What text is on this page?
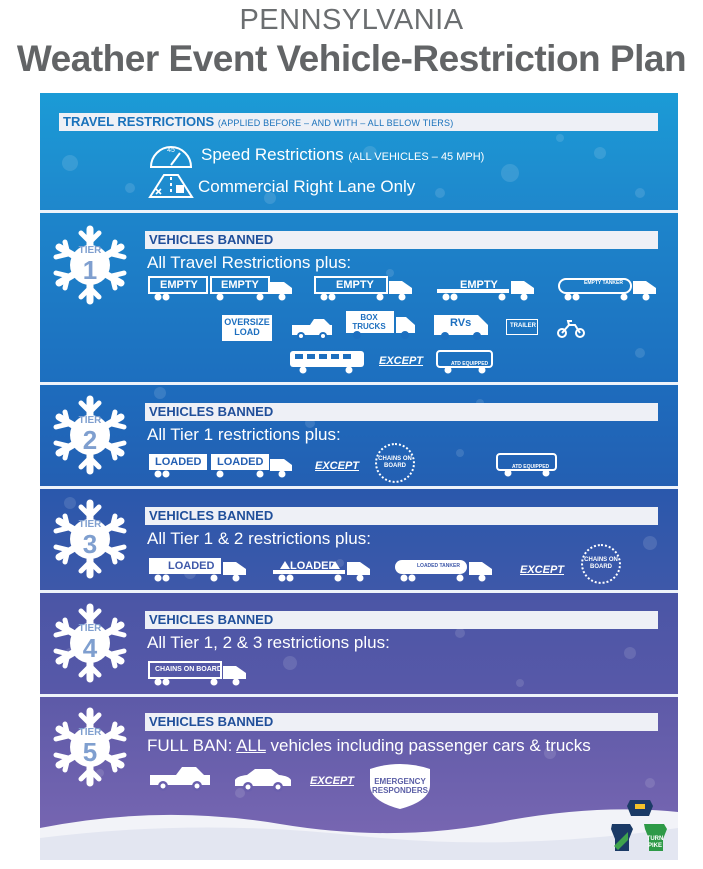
PENNSYLVANIA
Weather Event Vehicle-Restriction Plan
TRAVEL RESTRICTIONS (APPLIED BEFORE – AND WITH – ALL BELOW TIERS)
45 Speed Restrictions (ALL VEHICLES – 45 MPH)
Commercial Right Lane Only
TIER
1
VEHICLES BANNED
All Travel Restrictions plus:
EMPTY EMPTY	EMPTY	EMPTY	EMPTY TANKER
OVERSIZE LOAD
BOX TRUCKS	RVs	TRAILER
EXCEPT	ATD EQUIPPED
TIER
2
VEHICLES BANNED
All Tier 1 restrictions plus:
LOADED LOADED	EXCEPT
CHAINS ON BOARD	ATD EQUIPPED
TIER
3
VEHICLES BANNED
All Tier 1 & 2 restrictions plus:
LOADED	LOADED	LOADED TANKER	EXCEPT
CHAINS ON BOARD
TIER
4
VEHICLES BANNED
All Tier 1, 2 & 3 restrictions plus:
CHAINS ON BOARD
TIER
5
VEHICLES BANNED
FULL BAN: ALL vehicles including passenger cars & trucks
EXCEPT	EMERGENCY RESPONDERS
TURN
PIKE
